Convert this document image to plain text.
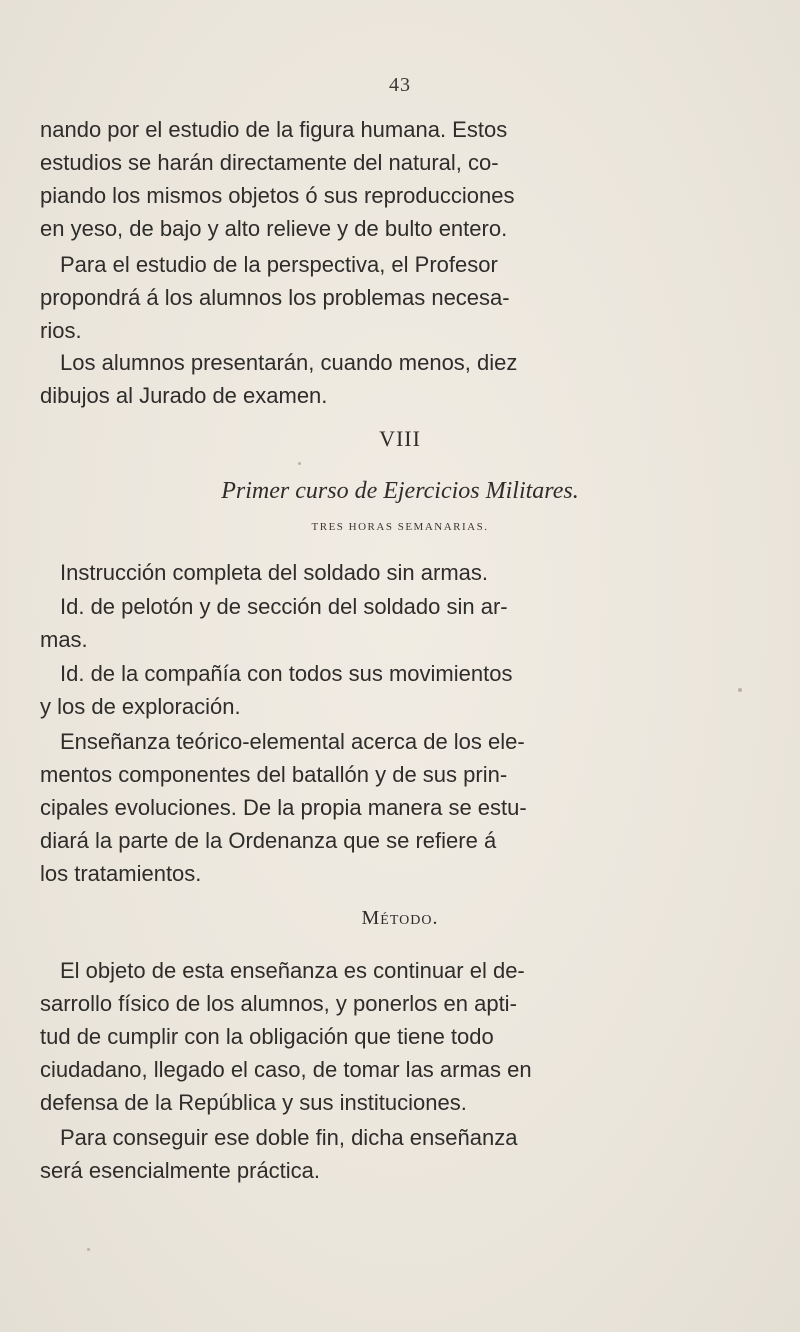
43
nando por el estudio de la figura humana. Estos
estudios se harán directamente del natural, co-
piando los mismos objetos ó sus reproducciones
en yeso, de bajo y alto relieve y de bulto entero.
Para el estudio de la perspectiva, el Profesor
propondrá á los alumnos los problemas necesa-
rios.
Los alumnos presentarán, cuando menos, diez
dibujos al Jurado de examen.
VIII
Primer curso de Ejercicios Militares.
TRES HORAS SEMANARIAS.
Instrucción completa del soldado sin armas.
Id. de pelotón y de sección del soldado sin ar-
mas.
Id. de la compañía con todos sus movimientos
y los de exploración.
Enseñanza teórico-elemental acerca de los ele-
mentos componentes del batallón y de sus prin-
cipales evoluciones. De la propia manera se estu-
diará la parte de la Ordenanza que se refiere á
los tratamientos.
Método.
El objeto de esta enseñanza es continuar el de-
sarrollo físico de los alumnos, y ponerlos en apti-
tud de cumplir con la obligación que tiene todo
ciudadano, llegado el caso, de tomar las armas en
defensa de la República y sus instituciones.
Para conseguir ese doble fin, dicha enseñanza
será esencialmente práctica.
